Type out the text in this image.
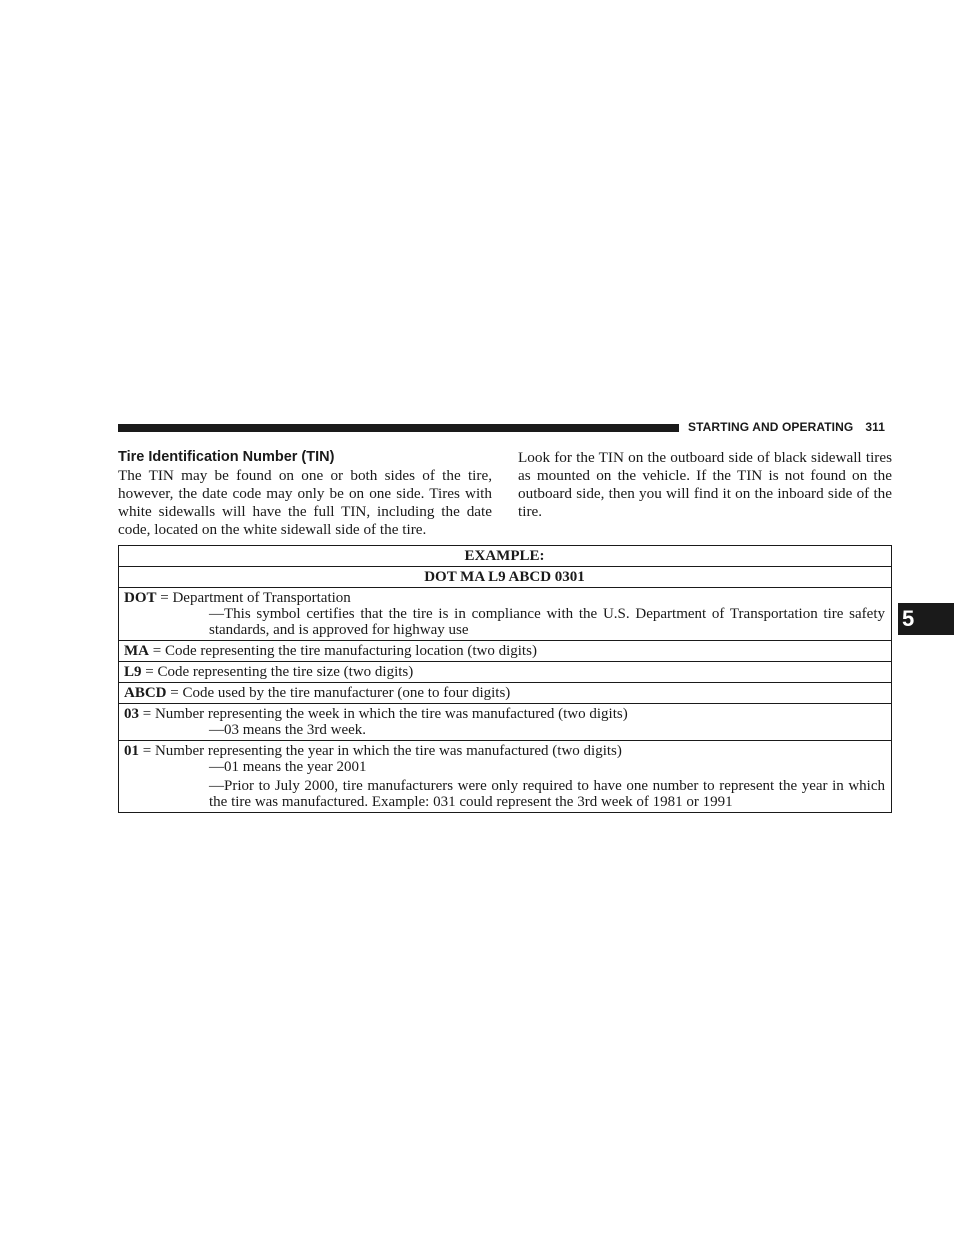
STARTING AND OPERATING 311
Tire Identification Number (TIN)
The TIN may be found on one or both sides of the tire, however, the date code may only be on one side. Tires with white sidewalls will have the full TIN, including the date code, located on the white sidewall side of the tire.
Look for the TIN on the outboard side of black sidewall tires as mounted on the vehicle. If the TIN is not found on the outboard side, then you will find it on the inboard side of the tire.
EXAMPLE:
DOT MA L9 ABCD 0301

DOT = Department of Transportation
—This symbol certifies that the tire is in compliance with the U.S. Department of Transportation tire safety standards, and is approved for highway use

MA = Code representing the tire manufacturing location (two digits)

L9 = Code representing the tire size (two digits)

ABCD = Code used by the tire manufacturer (one to four digits)

03 = Number representing the week in which the tire was manufactured (two digits)
—03 means the 3rd week.

01 = Number representing the year in which the tire was manufactured (two digits)
—01 means the year 2001
—Prior to July 2000, tire manufacturers were only required to have one number to represent the year in which the tire was manufactured. Example: 031 could represent the 3rd week of 1981 or 1991
5
